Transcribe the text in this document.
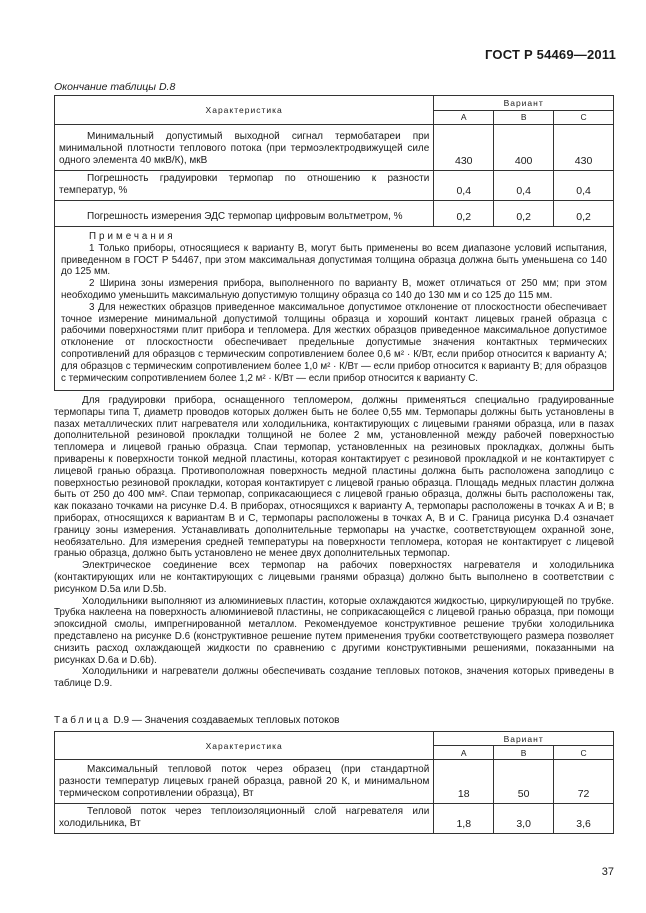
ГОСТ Р 54469—2011
Окончание таблицы D.8
Характеристика	Вариант		
	A	B	C
Минимальный допустимый выходной сигнал термобатареи при минимальной плотности теплового потока (при термоэлектродвижущей силе одного элемента 40 мкВ/К), мкВ	430	400	430
Погрешность градуировки термопар по отношению к разности температур, %	0,4	0,4	0,4
Погрешность измерения ЭДС термопар цифровым вольтметром, %	0,2	0,2	0,2

Примечания

1 Только приборы, относящиеся к варианту В, могут быть применены во всем диапазоне условий испытания, приведенном в ГОСТ Р 54467, при этом максимальная допустимая толщина образца должна быть уменьшена со 140 до 125 мм.

2 Ширина зоны измерения прибора, выполненного по варианту В, может отличаться от 250 мм; при этом необходимо уменьшить максимальную допустимую толщину образца со 140 до 130 мм и со 125 до 115 мм.

3 Для нежестких образцов приведенное максимальное допустимое отклонение от плоскостности обеспечивает точное измерение минимальной допустимой толщины образца и хороший контакт лицевых граней образца с рабочими поверхностями плит прибора и тепломера. Для жестких образцов приведенное максимальное допустимое отклонение от плоскостности обеспечивает предельные допустимые значения контактных термических сопротивлений для образцов с термическим сопротивлением более 0,6 м² · К/Вт, если прибор относится к варианту А; для образцов с термическим сопротивлением более 1,0 м² · К/Вт — если прибор относится к варианту В; для образцов с термическим сопротивлением более 1,2 м² · К/Вт — если прибор относится к варианту С.			

Для градуировки прибора, оснащенного тепломером, должны применяться специально градуированные термопары типа Т, диаметр проводов которых должен быть не более 0,55 мм. Термопары должны быть установлены в пазах металлических плит нагревателя или холодильника, контактирующих с лицевыми гранями образца, или в пазах дополнительной резиновой прокладки толщиной не более 2 мм, установленной между рабочей поверхностью тепломера и лицевой гранью образца. Спаи термопар, установленных на резиновых прокладках, должны быть приварены к поверхности тонкой медной пластины, которая контактирует с резиновой прокладкой и не контактирует с лицевой гранью образца. Противоположная поверхность медной пластины должна быть расположена заподлицо с поверхностью резиновой прокладки, которая контактирует с лицевой гранью образца. Площадь медных пластин должна быть от 250 до 400 мм². Спаи термопар, соприкасающиеся с лицевой гранью образца, должны быть расположены так, как показано точками на рисунке D.4. В приборах, относящихся к варианту А, термопары расположены в точках А и В; в приборах, относящихся к вариантам В и С, термопары расположены в точках А, В и С. Граница рисунка D.4 означает границу зоны измерения. Устанавливать дополнительные термопары на участке, соответствующем охранной зоне, необязательно. Для измерения средней температуры на поверхности тепломера, которая не контактирует с лицевой гранью образца, должно быть установлено не менее двух дополнительных термопар.

Электрическое соединение всех термопар на рабочих поверхностях нагревателя и холодильника (контактирующих или не контактирующих с лицевыми гранями образца) должно быть выполнено в соответствии с рисунком D.5a или D.5b.

Холодильники выполняют из алюминиевых пластин, которые охлаждаются жидкостью, циркулирующей по трубке. Трубка наклеена на поверхность алюминиевой пластины, не соприкасающейся с лицевой гранью образца, при помощи эпоксидной смолы, импрегнированной металлом. Рекомендуемое конструктивное решение трубки холодильника представлено на рисунке D.6 (конструктивное решение путем применения трубки соответствующего размера позволяет снизить расход охлаждающей жидкости по сравнению с другими конструктивными решениями, показанными на рисунках D.6a и D.6b).

Холодильники и нагреватели должны обеспечивать создание тепловых потоков, значения которых приведены в таблице D.9.

Таблица D.9 — Значения создаваемых тепловых потоков
Характеристика	Вариант		
	A	B	C
Максимальный тепловой поток через образец (при стандартной разности температур лицевых граней образца, равной 20 К, и минимальном термическом сопротивлении образца), Вт	18	50	72
Тепловой поток через теплоизоляционный слой нагревателя или холодильника, Вт	1,8	3,0	3,6
37
